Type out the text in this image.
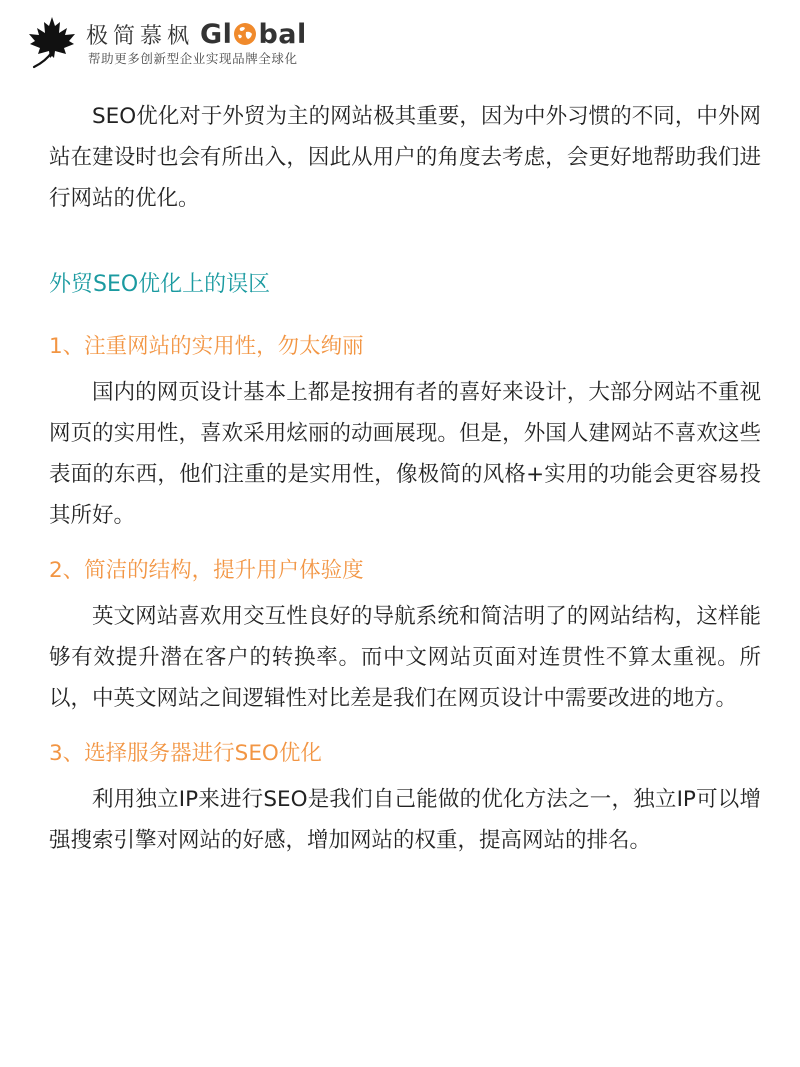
极简慕枫 Gl bal
帮助更多创新型企业实现品牌全球化

SEO优化对于外贸为主的网站极其重要，因为中外习惯的不同，中外网站在建设时也会有所出入，因此从用户的角度去考虑，会更好地帮助我们进行网站的优化。

外贸SEO优化上的误区
1、注重网站的实用性，勿太绚丽

国内的网页设计基本上都是按拥有者的喜好来设计，大部分网站不重视网页的实用性，喜欢采用炫丽的动画展现。但是，外国人建网站不喜欢这些表面的东西，他们注重的是实用性，像极简的风格+实用的功能会更容易投其所好。

2、简洁的结构，提升用户体验度

英文网站喜欢用交互性良好的导航系统和简洁明了的网站结构，这样能够有效提升潜在客户的转换率。而中文网站页面对连贯性不算太重视。所以，中英文网站之间逻辑性对比差是我们在网页设计中需要改进的地方。

3、选择服务器进行SEO优化

利用独立IP来进行SEO是我们自己能做的优化方法之一，独立IP可以增强搜索引擎对网站的好感，增加网站的权重，提高网站的排名。
